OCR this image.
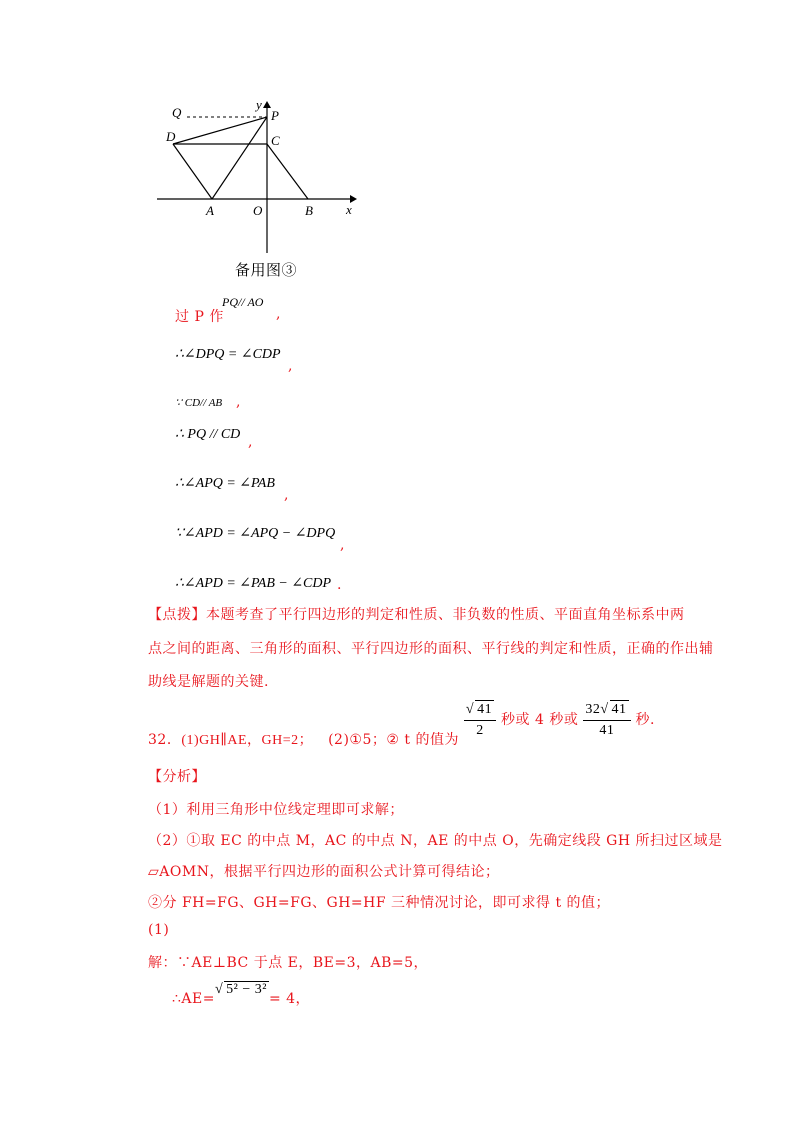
Q
y
P
D	C
A	O	B	x
备用图③
过 P 作
PQ// AO
,
∴∠DPQ = ∠CDP
,
∵ CD// AB ,
∴ PQ // CD ,
∴∠APQ = ∠PAB
,
∵∠APD = ∠APQ − ∠DPQ
,
∴∠APD = ∠PAB − ∠CDP .
【点拨】本题考查了平行四边形的判定和性质、非负数的性质、平面直角坐标系中两
点之间的距离、三角形的面积、平行四边形的面积、平行线的判定和性质，正确的作出辅
助线是解题的关键.
32．(1)GH∥AE，GH=2； (2)①5；② t 的值为 $\frac{√ 41}{2}$ 秒或 4 秒或 $\frac{32√ 41}{41}$ 秒.
【分析】
（1）利用三角形中位线定理即可求解；
（2）①取 EC 的中点 M，AC 的中点 N，AE 的中点 O，先确定线段 GH 所扫过区域是
▱AOMN，根据平行四边形的面积公式计算可得结论；
②分 FH=FG、GH=FG、GH=HF 三种情况讨论，即可求得 t 的值；
(1)
解：∵AE⊥BC 于点 E，BE=3，AB=5，
∴AE=√ 5² − 3²= 4，
